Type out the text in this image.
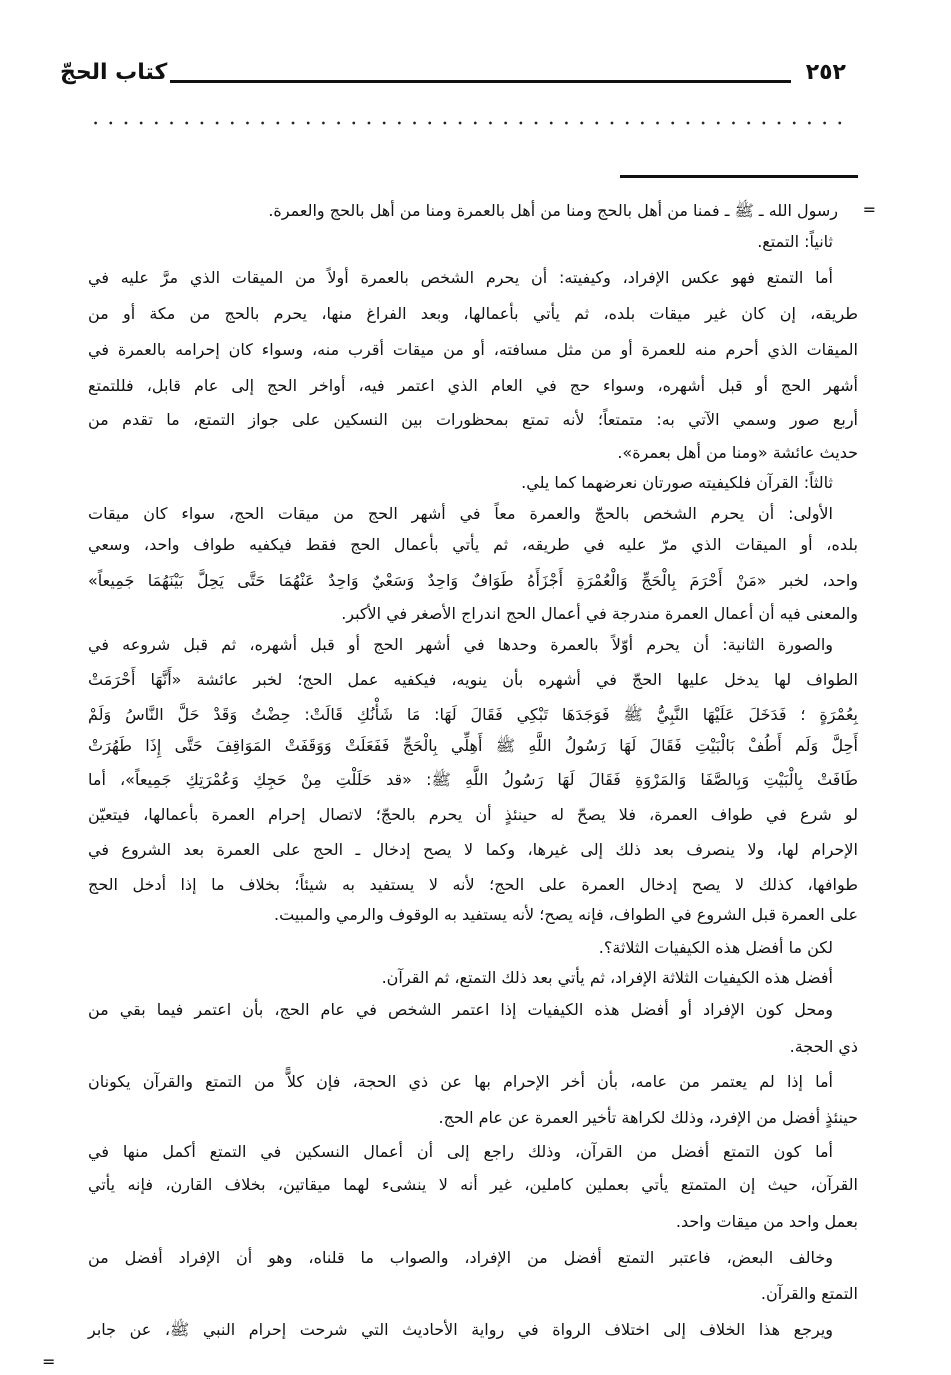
٢٥٢
كتاب الحجّ
=
=
رسول الله ـ ﷺ ـ فمنا من أهل بالحج ومنا من أهل بالعمرة ومنا من أهل بالحج والعمرة.
ثانياً: التمتع.
أما التمتع فهو عكس الإفراد، وكيفيته: أن يحرم الشخص بالعمرة أولاً من الميقات الذي مرَّ عليه في
طريقه، إن كان غير ميقات بلده، ثم يأتي بأعمالها، وبعد الفراغ منها، يحرم بالحج من مكة أو من
الميقات الذي أحرم منه للعمرة أو من مثل مسافته، أو من ميقات أقرب منه، وسواء كان إحرامه بالعمرة في
أشهر الحج أو قبل أشهره، وسواء حج في العام الذي اعتمر فيه، أواخر الحج إلى عام قابل، فللتمتع
أربع صور وسمي الآتي به: متمتعاً؛ لأنه تمتع بمحظورات بين النسكين على جواز التمتع، ما تقدم من
حديث عائشة «ومنا من أهل بعمرة».
ثالثاً: القرآن فلكيفيته صورتان نعرضهما كما يلي.
الأولى: أن يحرم الشخص بالحجّ والعمرة معاً في أشهر الحج من ميقات الحج، سواء كان ميقات
بلده، أو الميقات الذي مرّ عليه في طريقه، ثم يأتي بأعمال الحج فقط فيكفيه طواف واحد، وسعي
واحد، لخبر «مَنْ أَحْرَمَ بِالْحَجِّ وَالْعُمْرَةِ أَجْزَأَهُ طَوَافٌ وَاحِدٌ وَسَعْيٌ وَاحِدٌ عَنْهُمَا حَتَّى يَحِلَّ بَيْنَهُمَا جَمِيعاً»
والمعنى فيه أن أعمال العمرة مندرجة في أعمال الحج اندراج الأصغر في الأكبر.
والصورة الثانية: أن يحرم أوّلاً بالعمرة وحدها في أشهر الحج أو قبل أشهره، ثم قبل شروعه في
الطواف لها يدخل عليها الحجّ في أشهره بأن ينويه، فيكفيه عمل الحج؛ لخبر عائشة «أَنَّهَا أَحْرَمَتْ
بِعُمْرَةٍ ؛ فَدَخَلَ عَلَيْهَا النَّبِيُّ ﷺ فَوَجَدَهَا تَبْكِي فَقَالَ لَهَا: مَا شَأْنُكِ قَالَتْ: حِضْتُ وَقَدْ حَلَّ النَّاسُ وَلَمْ
أَحِلَّ وَلَم أَطُفْ بَالْبَيْتِ فَقَالَ لَهَا رَسُولُ اللَّهِ ﷺ أَهِلِّي بِالْحَجِّ فَفَعَلَتْ وَوَقَفَتْ المَوَاقِفَ حَتَّى إِذَا طَهُرَتْ
طَافَتْ بِالْبَيْتِ وَبِالصَّفَا وَالمَرْوَةِ فَقَالَ لَهَا رَسُولُ اللَّهِ ﷺ: «قد حَلَلْتِ مِنْ حَجِكِ وَعُمْرَتِكِ جَمِيعاً»، أما
لو شرع في طواف العمرة، فلا يصحّ له حينئذٍ أن يحرم بالحجّ؛ لاتصال إحرام العمرة بأعمالها، فيتعيّن
الإحرام لها، ولا ينصرف بعد ذلك إلى غيرها، وكما لا يصح إدخال ـ الحج على العمرة بعد الشروع في
طوافها، كذلك لا يصح إدخال العمرة على الحج؛ لأنه لا يستفيد به شيئاً؛ بخلاف ما إذا أدخل الحج
على العمرة قبل الشروع في الطواف، فإنه يصح؛ لأنه يستفيد به الوقوف والرمي والمبيت.
لكن ما أفضل هذه الكيفيات الثلاثة؟.
أفضل هذه الكيفيات الثلاثة الإفراد، ثم يأتي بعد ذلك التمتع، ثم القرآن.
ومحل كون الإفراد أو أفضل هذه الكيفيات إذا اعتمر الشخص في عام الحج، بأن اعتمر فيما بقي من
ذي الحجة.
أما إذا لم يعتمر من عامه، بأن أخر الإحرام بها عن ذي الحجة، فإن كلاًّ من التمتع والقرآن يكونان
حينئذٍ أفضل من الإفرد، وذلك لكراهة تأخير العمرة عن عام الحج.
أما كون التمتع أفضل من القرآن، وذلك راجع إلى أن أعمال النسكين في التمتع أكمل منها في
القرآن، حيث إن المتمتع يأتي بعملين كاملين، غير أنه لا ينشىء لهما ميقاتين، بخلاف القارن، فإنه يأتي
بعمل واحد من ميقات واحد.
وخالف البعض، فاعتبر التمتع أفضل من الإفراد، والصواب ما قلناه، وهو أن الإفراد أفضل من
التمتع والقرآن.
ويرجع هذا الخلاف إلى اختلاف الرواة في رواية الأحاديث التي شرحت إحرام النبي ﷺ، عن جابر
